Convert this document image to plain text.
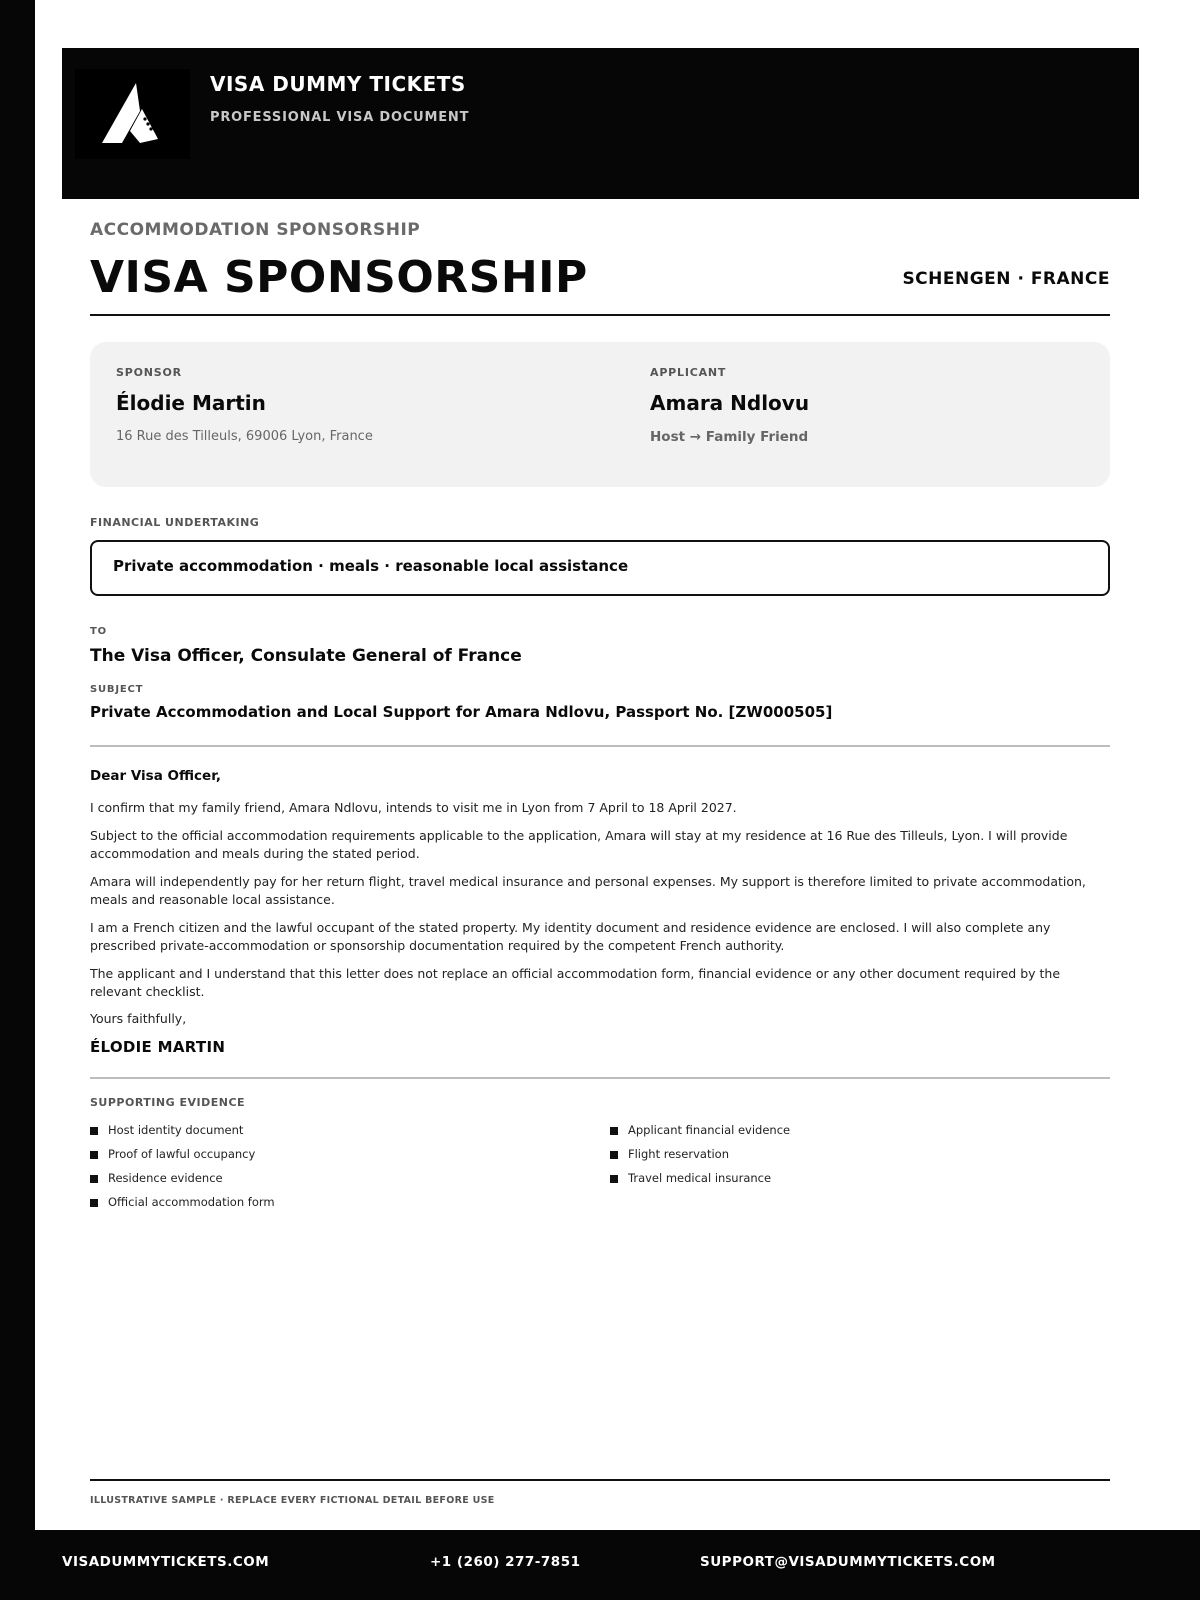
VISA DUMMY TICKETS
PROFESSIONAL VISA DOCUMENT
ACCOMMODATION SPONSORSHIP
VISA SPONSORSHIP	SCHENGEN · FRANCE
SPONSOR
Élodie Martin
16 Rue des Tilleuls, 69006 Lyon, France
APPLICANT
Amara Ndlovu
Host → Family Friend
FINANCIAL UNDERTAKING
Private accommodation · meals · reasonable local assistance
TO
The Visa Officer, Consulate General of France
SUBJECT
Private Accommodation and Local Support for Amara Ndlovu, Passport No. [ZW000505]
Dear Visa Officer,

I confirm that my family friend, Amara Ndlovu, intends to visit me in Lyon from 7 April to 18 April 2027.

Subject to the official accommodation requirements applicable to the application, Amara will stay at my residence at 16 Rue des Tilleuls, Lyon. I will provide accommodation and meals during the stated period.

Amara will independently pay for her return flight, travel medical insurance and personal expenses. My support is therefore limited to private accommodation, meals and reasonable local assistance.

I am a French citizen and the lawful occupant of the stated property. My identity document and residence evidence are enclosed. I will also complete any prescribed private-accommodation or sponsorship documentation required by the competent French authority.

The applicant and I understand that this letter does not replace an official accommodation form, financial evidence or any other document required by the relevant checklist.

Yours faithfully,
ÉLODIE MARTIN
SUPPORTING EVIDENCE
Host identity document
Proof of lawful occupancy
Residence evidence
Official accommodation form
Applicant financial evidence
Flight reservation
Travel medical insurance
ILLUSTRATIVE SAMPLE · REPLACE EVERY FICTIONAL DETAIL BEFORE USE
VISADUMMYTICKETS.COM	+1 (260) 277-7851	SUPPORT@VISADUMMYTICKETS.COM
